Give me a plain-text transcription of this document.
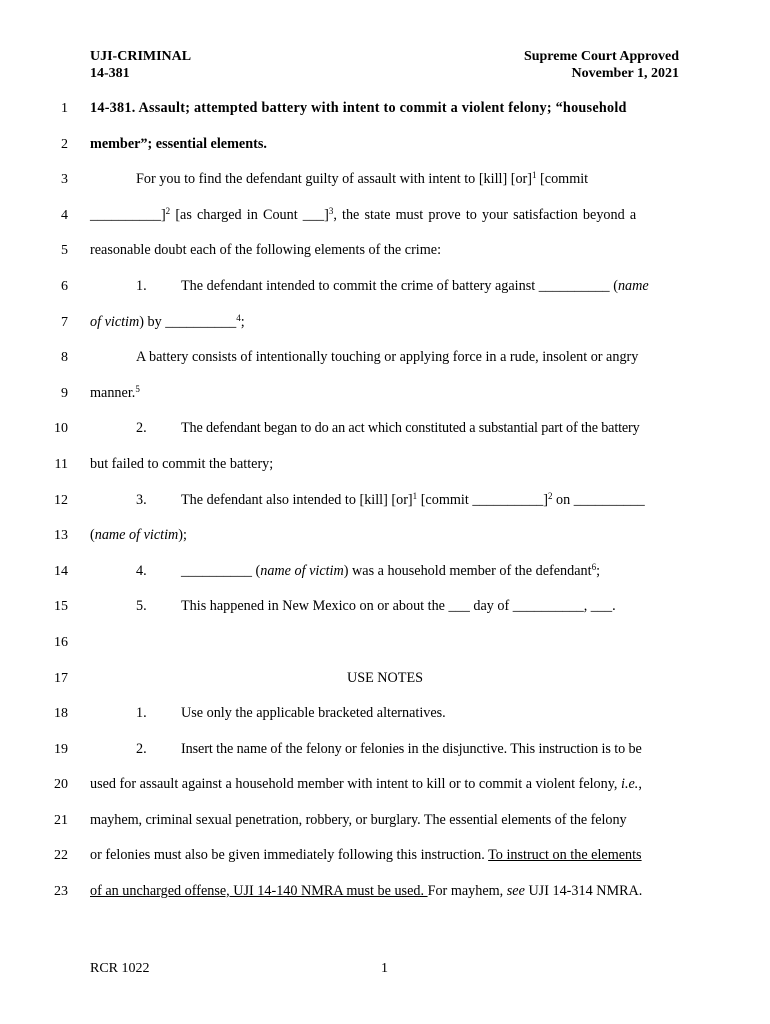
UJI-CRIMINAL
14-381
Supreme Court Approved
November 1, 2021
1 14-381. Assault; attempted battery with intent to commit a violent felony; “household
2 member”; essential elements.
3	For you to find the defendant guilty of assault with intent to [kill] [or]$^1$ [commit
4 __________]$^2$ [as charged in Count ___]$^3$, the state must prove to your satisfaction beyond a
5 reasonable doubt each of the following elements of the crime:
6	1. The defendant intended to commit the crime of battery against __________ (name
7 of victim) by __________$^4$;
8	A battery consists of intentionally touching or applying force in a rude, insolent or angry
9 manner.$^5$
10	2. The defendant began to do an act which constituted a substantial part of the battery
11 but failed to commit the battery;
12	3. The defendant also intended to [kill] [or]$^1$ [commit __________]$^2$ on __________
13 (name of victim);
14	4. __________ (name of victim) was a household member of the defendant$^6$;
15	5. This happened in New Mexico on or about the ___ day of __________, ___.
16
17	USE NOTES
18	1. Use only the applicable bracketed alternatives.
19	2. Insert the name of the felony or felonies in the disjunctive. This instruction is to be
20 used for assault against a household member with intent to kill or to commit a violent felony, i.e.,
21 mayhem, criminal sexual penetration, robbery, or burglary. The essential elements of the felony
22 or felonies must also be given immediately following this instruction. To instruct on the elements
23 of an uncharged offense, UJI 14-140 NMRA must be used. For mayhem, see UJI 14-314 NMRA.
RCR 1022	1
